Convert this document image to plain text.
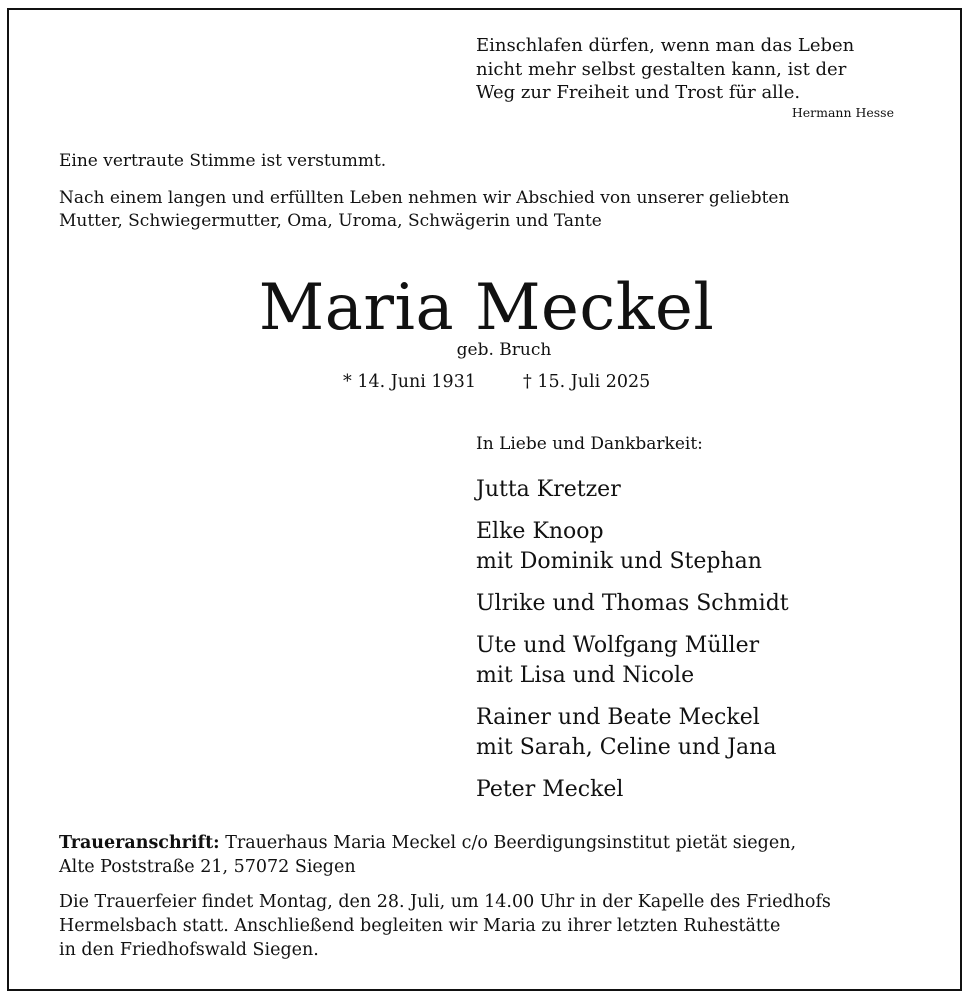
Einschlafen dürfen, wenn man das Leben
nicht mehr selbst gestalten kann, ist der
Weg zur Freiheit und Trost für alle.
Hermann Hesse
Eine vertraute Stimme ist verstummt.
Nach einem langen und erfüllten Leben nehmen wir Abschied von unserer geliebten
Mutter, Schwiegermutter, Oma, Uroma, Schwägerin und Tante
Maria Meckel
geb. Bruch
* 14. Juni 1931	† 15. Juli 2025
In Liebe und Dankbarkeit:
Jutta Kretzer
Elke Knoop
mit Dominik und Stephan
Ulrike und Thomas Schmidt
Ute und Wolfgang Müller
mit Lisa und Nicole
Rainer und Beate Meckel
mit Sarah, Celine und Jana
Peter Meckel
Traueranschrift: Trauerhaus Maria Meckel c/o Beerdigungsinstitut pietät siegen,
Alte Poststraße 21, 57072 Siegen
Die Trauerfeier findet Montag, den 28. Juli, um 14.00 Uhr in der Kapelle des Friedhofs
Hermelsbach statt. Anschließend begleiten wir Maria zu ihrer letzten Ruhestätte
in den Friedhofswald Siegen.
